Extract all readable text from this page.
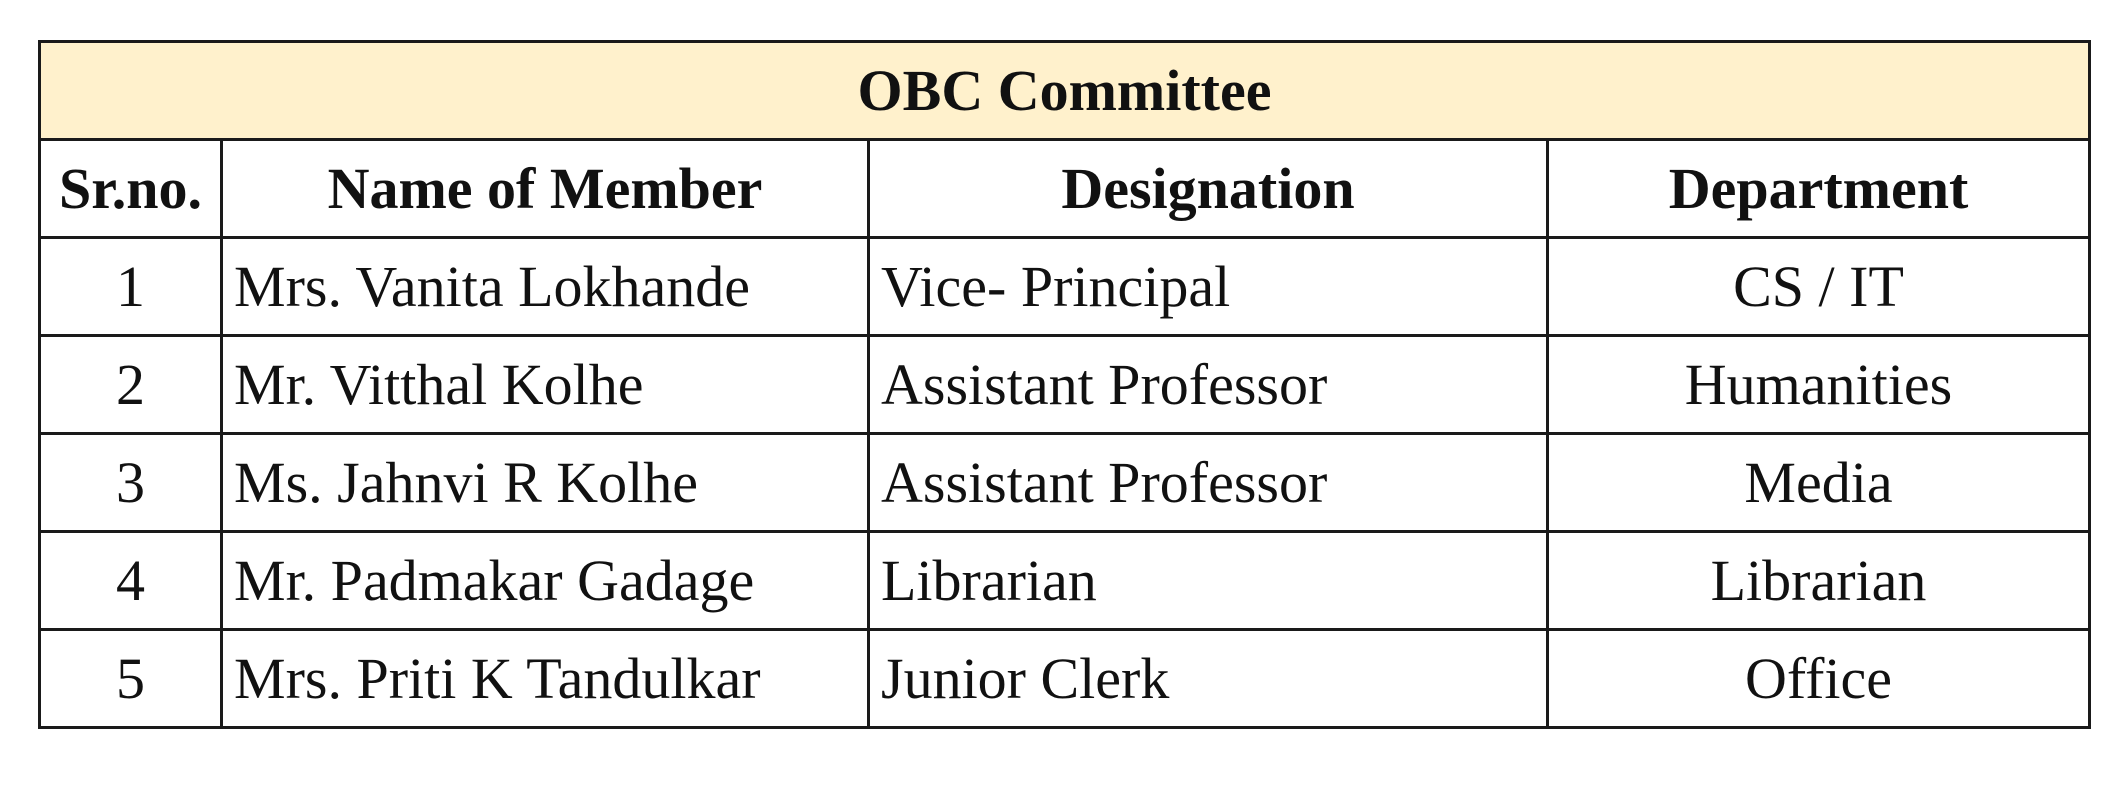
OBC Committee			
Sr.no.	Name of Member	Designation	Department
1	Mrs. Vanita Lokhande	Vice- Principal	CS / IT
2	Mr. Vitthal Kolhe	Assistant Professor	Humanities
3	Ms. Jahnvi R Kolhe	Assistant Professor	Media
4	Mr. Padmakar Gadage	Librarian	Librarian
5	Mrs. Priti K Tandulkar	Junior Clerk	Office
